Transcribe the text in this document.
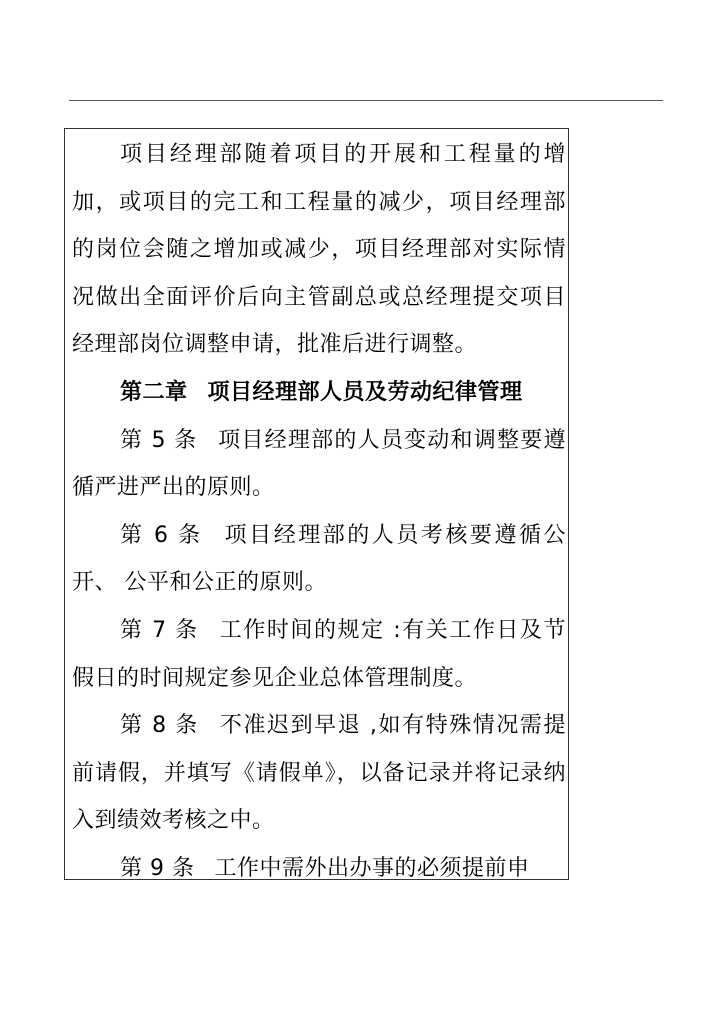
项目经理部随着项目的开展和工程量的增加，或项目的完工和工程量的减少，项目经理部的岗位会随之增加或减少，项目经理部对实际情况做出全面评价后向主管副总或总经理提交项目经理部岗位调整申请，批准后进行调整。

第二章 项目经理部人员及劳动纪律管理

第 5 条 项目经理部的人员变动和调整要遵循严进严出的原则。

第 6 条 项目经理部的人员考核要遵循公开、 公平和公正的原则。

第 7 条 工作时间的规定 :有关工作日及节假日的时间规定参见企业总体管理制度。

第 8 条 不准迟到早退 ,如有特殊情况需提前请假，并填写《请假单》，以备记录并将记录纳入到绩效考核之中。

第 9 条 工作中需外出办事的必须提前申
